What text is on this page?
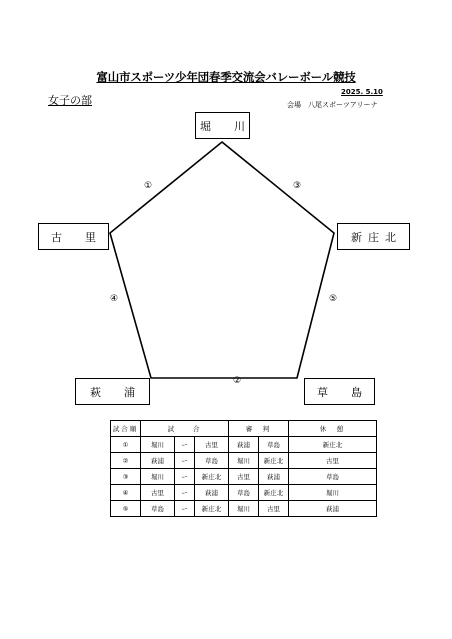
富山市スポーツ少年団春季交流会バレーボール競技
女子の部
2025. 5.10
会場　八尾スポーツアリーナ
堀　川
古　里	新庄北
萩　浦	草　島
①
②
③
④	⑤
試合順	試　　合			審　判		休　憩
①	堀川	ー	古里	萩浦	草島	新庄北
②	萩浦	ー	草島	堀川	新庄北	古里
③	堀川	ー	新庄北	古里	萩浦	草島
④	古里	ー	萩浦	草島	新庄北	堀川
⑤	草島	ー	新庄北	堀川	古里	萩浦
